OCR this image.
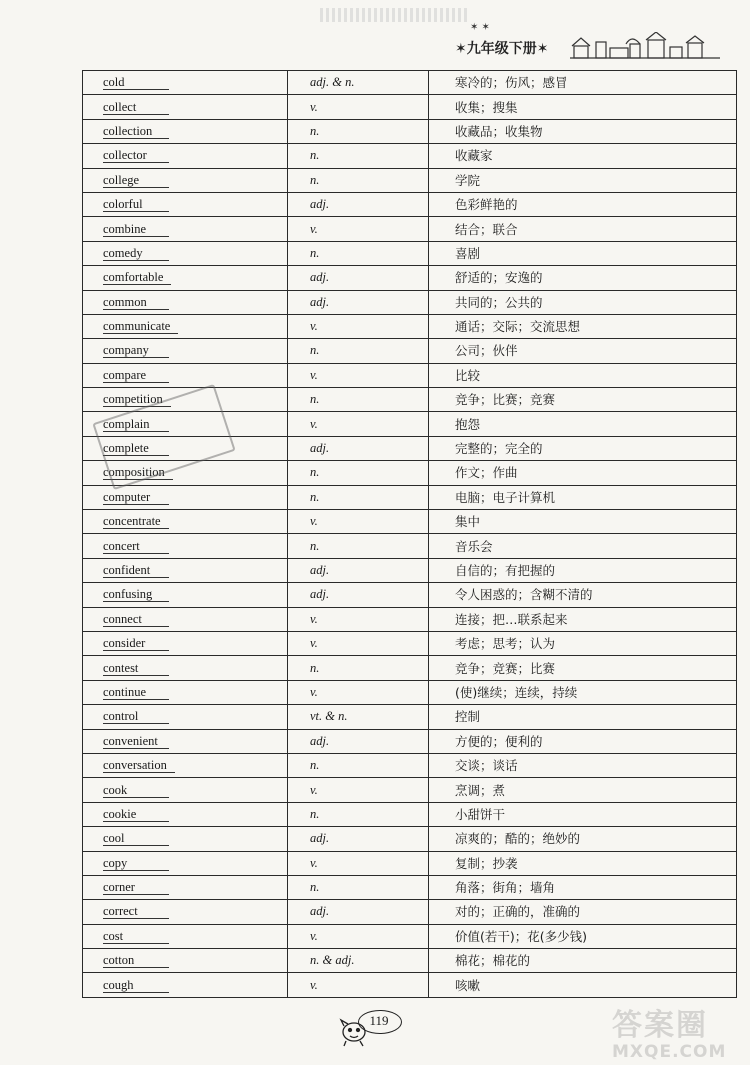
✶ ✶
✶九年级下册✶
cold	adj. & n.	寒冷的；伤风；感冒
collect	v.	收集；搜集
collection	n.	收藏品；收集物
collector	n.	收藏家
college	n.	学院
colorful	adj.	色彩鲜艳的
combine	v.	结合；联合
comedy	n.	喜剧
comfortable	adj.	舒适的；安逸的
common	adj.	共同的；公共的
communicate	v.	通话；交际；交流思想
company	n.	公司；伙伴
compare	v.	比较
competition	n.	竞争；比赛；竞赛
complain	v.	抱怨
complete	adj.	完整的；完全的
composition	n.	作文；作曲
computer	n.	电脑；电子计算机
concentrate	v.	集中
concert	n.	音乐会
confident	adj.	自信的；有把握的
confusing	adj.	令人困惑的；含糊不清的
connect	v.	连接；把…联系起来
consider	v.	考虑；思考；认为
contest	n.	竞争；竞赛；比赛
continue	v.	(使)继续；连续，持续
control	vt. & n.	控制
convenient	adj.	方便的；便利的
conversation	n.	交谈；谈话
cook	v.	烹调；煮
cookie	n.	小甜饼干
cool	adj.	凉爽的；酷的；绝妙的
copy	v.	复制；抄袭
corner	n.	角落；街角；墙角
correct	adj.	对的；正确的，准确的
cost	v.	价值(若干)；花(多少钱)
cotton	n. & adj.	棉花；棉花的
cough	v.	咳嗽
119	答案圈
MXQE.COM
